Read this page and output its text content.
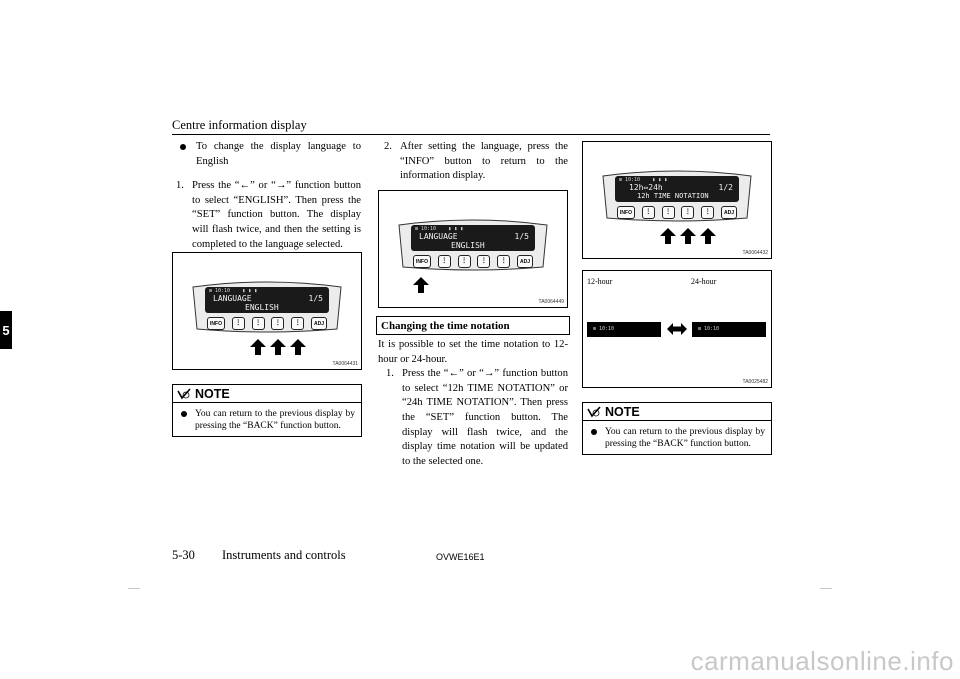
Centre information display
5
To change the display language to English
1. Press the “←” or “→” function button to select “ENGLISH”. Then press the “SET” function button. The display will flash twice, and then the setting is completed to the language selected.
⊞ 10:10    ▮ ▮ ▮
LANGUAGE	1/5
ENGLISH
INFO	⋮	⋮	⋮	⋮	ADJ
TA0064431
NOTE
You can return to the previous display by pressing the “BACK” function button.
2. After setting the language, press the “INFO” button to return to the information display.
⊞ 10:10    ▮ ▮ ▮
LANGUAGE	1/5
ENGLISH
INFO	⋮	⋮	⋮	⋮	ADJ
TA0064449
Changing the time notation
It is possible to set the time notation to 12-hour or 24-hour.
1. Press the “←” or “→” function button to select “12h TIME NOTATION” or “24h TIME NOTATION”. Then press the “SET” function button. The display will flash twice, and the display time notation will be updated to the selected one.
⊞ 10:10    ▮ ▮ ▮
12h⇔24h	1/2
12h TIME NOTATION
INFO	⋮	⋮	⋮	⋮	ADJ
TA0064432
12-hour	24-hour
⊞ 10:10	⊞ 10:10
TA0025482
NOTE
You can return to the previous display by pressing the “BACK” function button.
5-30 Instruments and controls	OVWE16E1
carmanualsonline.info
